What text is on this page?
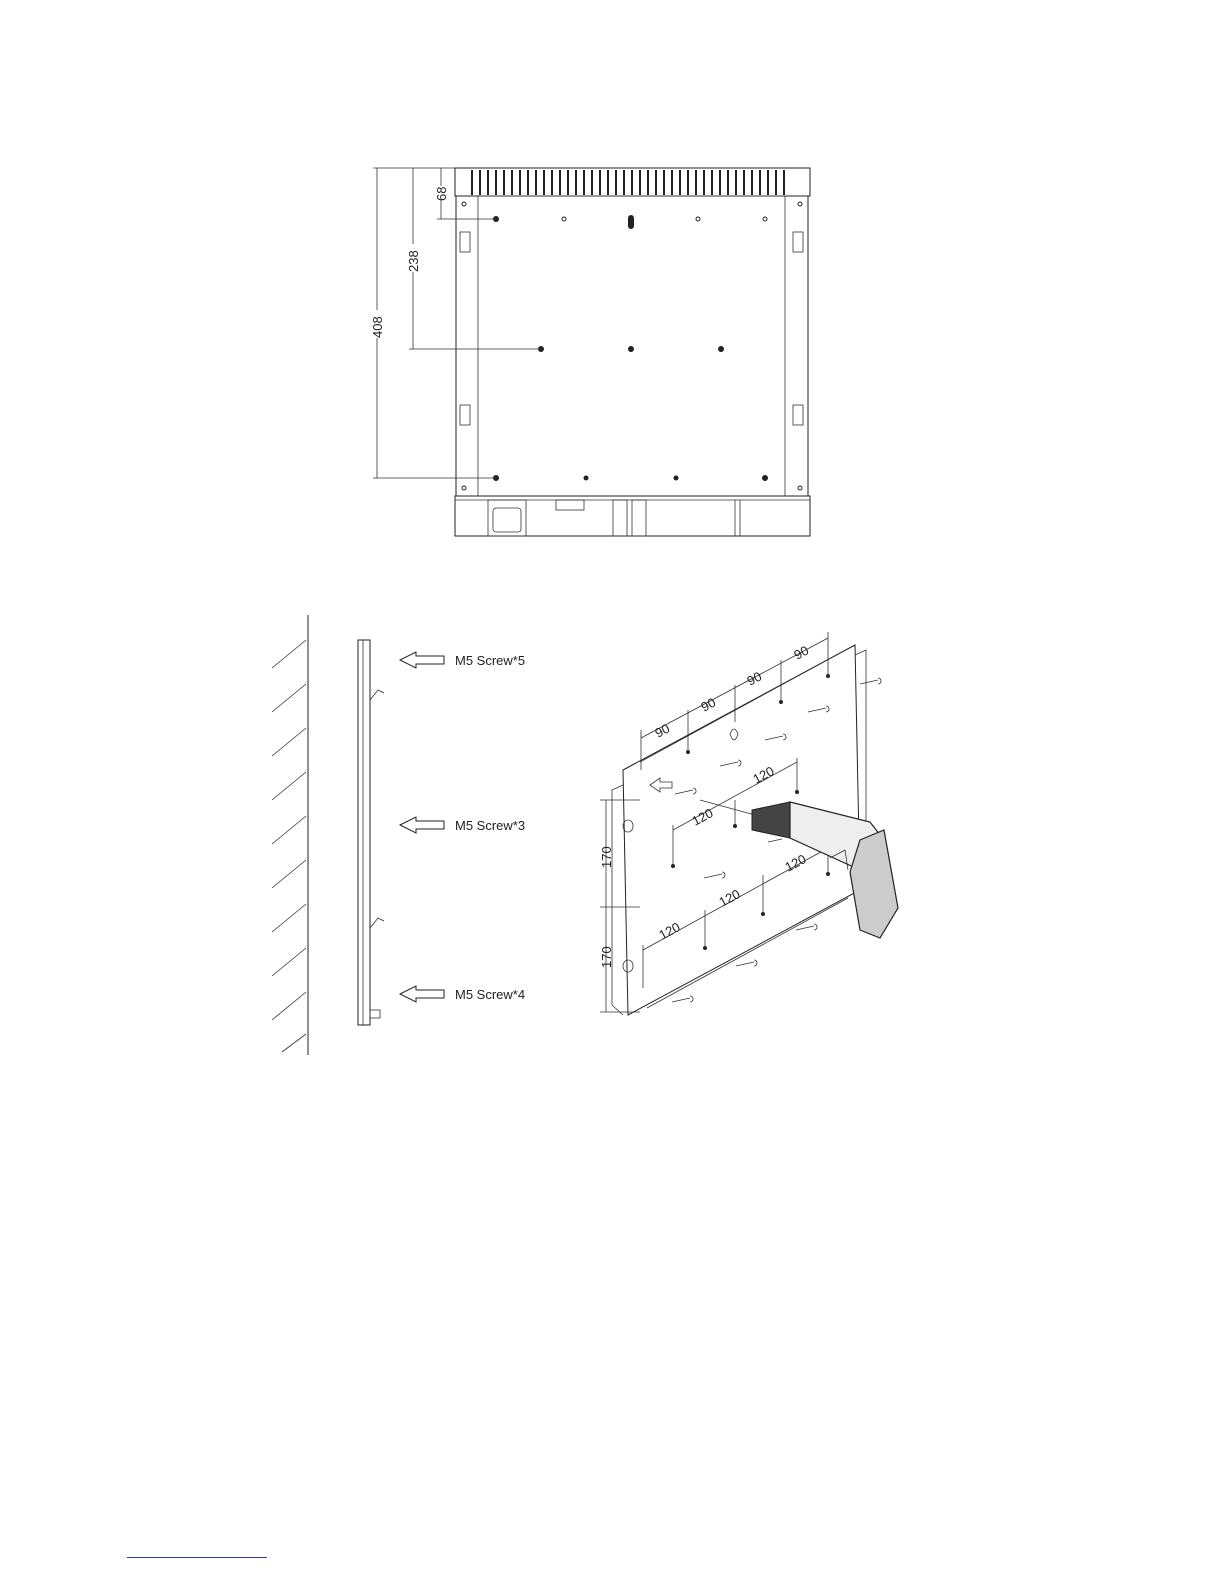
68
238
408
M5 Screw*5
M5 Screw*3
M5 Screw*4
90
90
90
90
120
120
120
120
120
170
170
